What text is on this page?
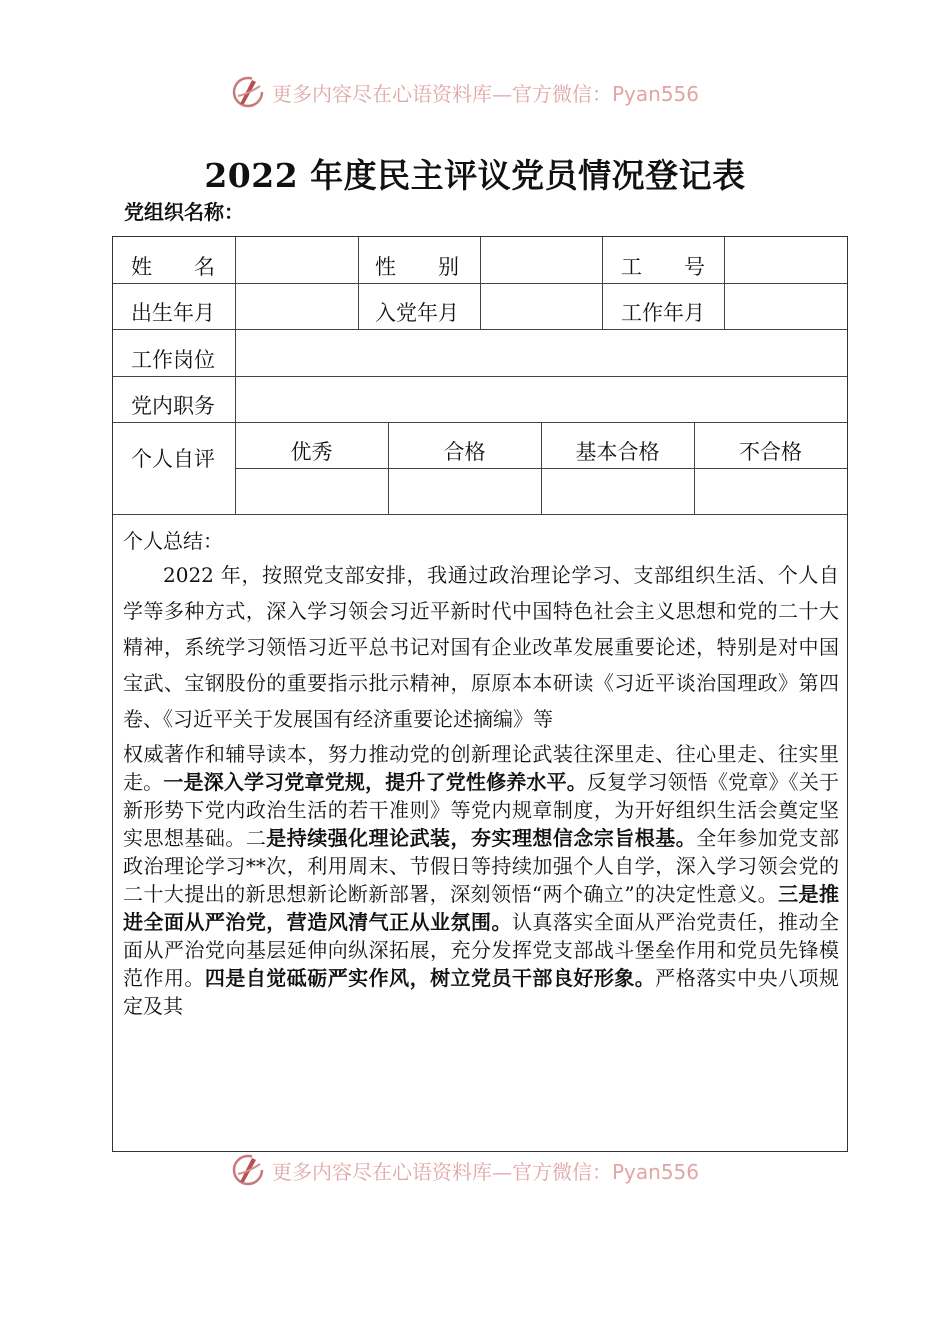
更多内容尽在心语资料库—官方微信：Pyan556
2022 年度民主评议党员情况登记表
党组织名称：
姓　　名	性　　别	工　　号
出生年月	入党年月	工作年月
工作岗位
党内职务
个人自评	优秀	合格	基本合格	不合格
个人总结：
2022 年，按照党支部安排，我通过政治理论学习、支部组织生活、个人自学等多种方式，深入学习领会习近平新时代中国特色社会主义思想和党的二十大精神，系统学习领悟习近平总书记对国有企业改革发展重要论述，特别是对中国宝武、宝钢股份的重要指示批示精神，原原本本研读《习近平谈治国理政》第四卷、《习近平关于发展国有经济重要论述摘编》等
权威著作和辅导读本，努力推动党的创新理论武装往深里走、往心里走、往实里走。一是深入学习党章党规，提升了党性修养水平。反复学习领悟《党章》《关于新形势下党内政治生活的若干准则》等党内规章制度，为开好组织生活会奠定坚实思想基础。二是持续强化理论武装，夯实理想信念宗旨根基。全年参加党支部政治理论学习**次，利用周末、节假日等持续加强个人自学，深入学习领会党的二十大提出的新思想新论断新部署，深刻领悟“两个确立”的决定性意义。三是推进全面从严治党，营造风清气正从业氛围。认真落实全面从严治党责任，推动全面从严治党向基层延伸向纵深拓展，充分发挥党支部战斗堡垒作用和党员先锋模范作用。四是自觉砥砺严实作风，树立党员干部良好形象。严格落实中央八项规定及其
更多内容尽在心语资料库—官方微信：Pyan556
